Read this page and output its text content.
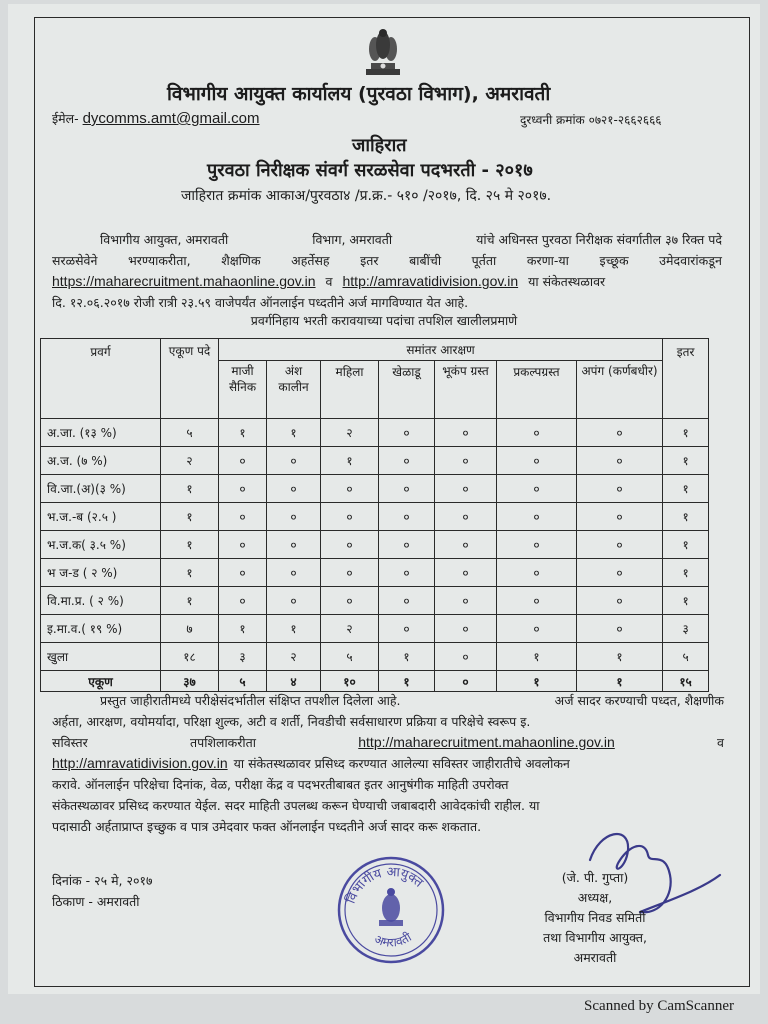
विभागीय आयुक्त कार्यालय (पुरवठा विभाग), अमरावती
ईमेल- dycomms.amt@gmail.com	दुरध्वनी क्रमांक ०७२१-२६६२६६६
जाहिरात
पुरवठा निरीक्षक संवर्ग सरळसेवा पदभरती - २०१७
जाहिरात क्रमांक आकाअ/पुरवठा४ /प्र.क्र.- ५१० /२०१७, दि. २५ मे २०१७.
विभागीय आयुक्त, अमरावती	विभाग, अमरावती	यांचे अधिनस्त पुरवठा निरीक्षक संवर्गातील ३७ रिक्त पदे
सरळसेवेने भरण्याकरीता, शैक्षणिक अहर्तेसह इतर बाबींची पूर्तता करणा-या इच्छूक उमेदवारांकडून
https://maharecruitment.mahaonline.gov.in व http://amravatidivision.gov.in या संकेतस्थळावर
दि. १२.०६.२०१७ रोजी रात्री २३.५९ वाजेपर्यंत ऑनलाईन पध्दतीने अर्ज मागविण्यात येत आहे.
प्रवर्गनिहाय भरती करावयाच्या पदांचा तपशिल खालीलप्रमाणे
प्रवर्ग	एकूण पदे	समांतर आरक्षण							इतर
		माजी सैनिक	अंश कालीन	महिला	खेळाडू	भूकंप ग्रस्त	प्रकल्पग्रस्त	अपंग (कर्णबधीर)	
अ.जा. (१३ %)	५	१	१	२	०	०	०	०	१
अ.ज. (७ %)	२	०	०	१	०	०	०	०	१
वि.जा.(अ)(३ %)	१	०	०	०	०	०	०	०	१
भ.ज.-ब (२.५ )	१	०	०	०	०	०	०	०	१
भ.ज.क( ३.५ %)	१	०	०	०	०	०	०	०	१
भ ज-ड ( २ %)	१	०	०	०	०	०	०	०	१
वि.मा.प्र. ( २ %)	१	०	०	०	०	०	०	०	१
इ.मा.व.( १९ %)	७	१	१	२	०	०	०	०	३
खुला	१८	३	२	५	१	०	१	१	५
एकूण	३७	५	४	१०	१	०	१	१	१५
प्रस्तुत जाहीरातीमध्ये परीक्षेसंदर्भातील संक्षिप्त तपशील दिलेला आहे.	अर्ज सादर करण्याची पध्दत, शैक्षणीक
अर्हता, आरक्षण, वयोमर्यादा, परिक्षा शुल्क, अटी व शर्ती, निवडीची सर्वसाधारण प्रक्रिया व परिक्षेचे स्वरूप इ.
सविस्तर	तपशिलाकरीता	http://maharecruitment.mahaonline.gov.in	व
http://amravatidivision.gov.in या संकेतस्थळावर प्रसिध्द करण्यात आलेल्या सविस्तर जाहीरातीचे अवलोकन
करावे. ऑनलाईन परिक्षेचा दिनांक, वेळ, परीक्षा केंद्र व पदभरतीबाबत इतर आनुषंगीक माहिती उपरोक्त
संकेतस्थळावर प्रसिध्द करण्यात येईल. सदर माहिती उपलब्ध करून घेण्याची जबाबदारी आवेदकांची राहील. या
पदासाठी अर्हताप्राप्त इच्छुक व पात्र उमेदवार फक्त ऑनलाईन पध्दतीने अर्ज सादर करू शकतात.
दिनांक - २५ मे, २०१७
ठिकाण - अमरावती	विभागीय आयुक्त
अमरावती
(जे. पी. गुप्ता)
अध्यक्ष,
विभागीय निवड समिती
तथा विभागीय आयुक्त,
अमरावती
Scanned by CamScanner
